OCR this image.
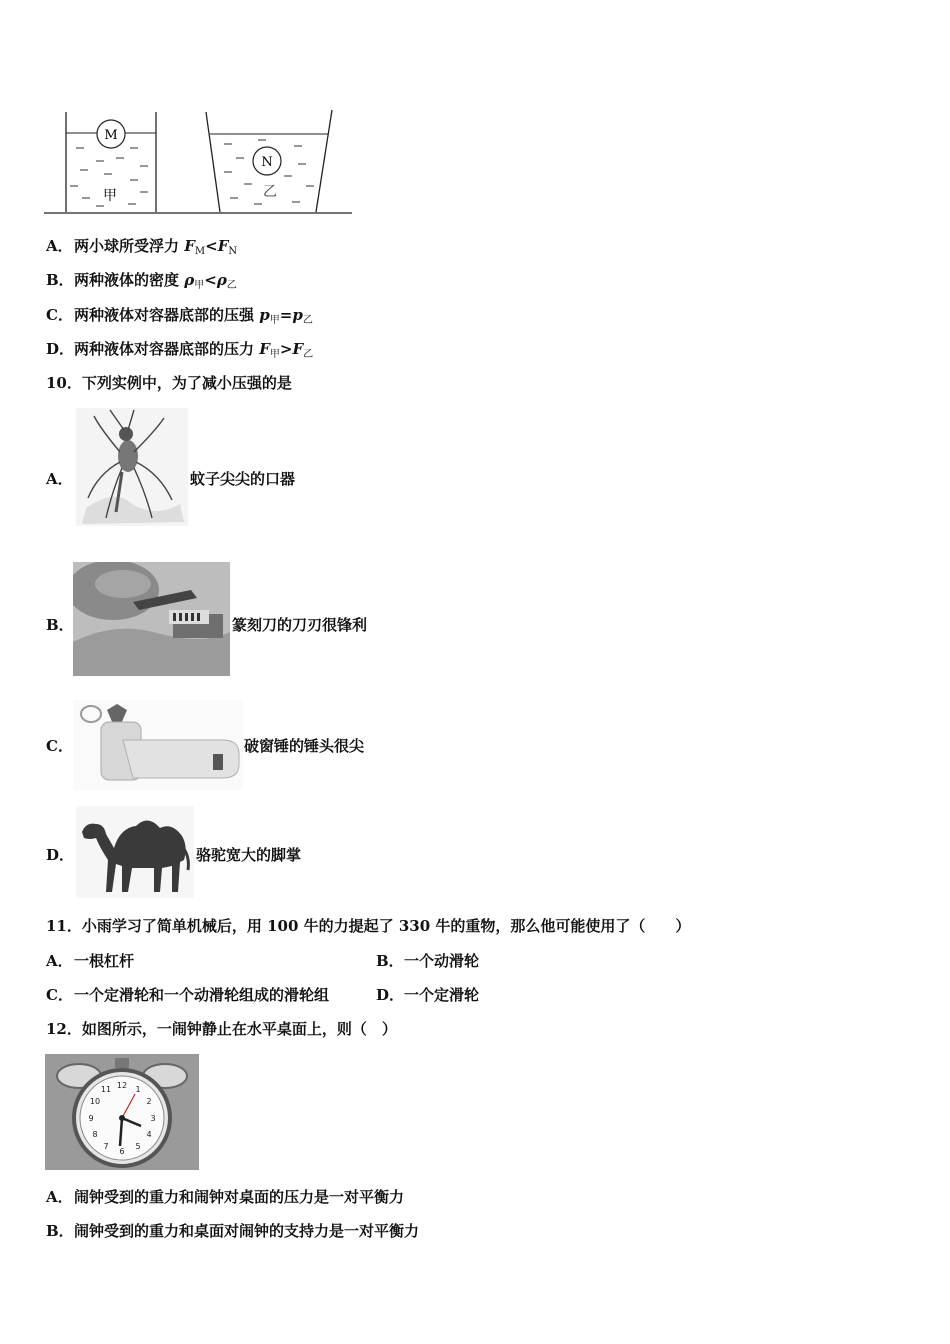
M
甲
N
乙
A．两小球所受浮力 $F_M<F_N$
B．两种液体的密度 $\rho_甲<\rho_乙$
C．两种液体对容器底部的压强 $p_甲=p_乙$
D．两种液体对容器底部的压力 $F_甲>F_乙$
10．下列实例中，为了减小压强的是
A．	蚊子尖尖的口器
B．	篆刻刀的刀刃很锋利
C．	破窗锤的锤头很尖
D．	骆驼宽大的脚掌
11．小雨学习了简单机械后，用 100 牛的力提起了 330 牛的重物，那么他可能使用了（　　）
A．一根杠杆	B．一个动滑轮
C．一个定滑轮和一个动滑轮组成的滑轮组	D．一个定滑轮
12．如图所示，一闹钟静止在水平桌面上，则（　）
12 1
2
3
4
5
6
7
8
9
10
11
A．闹钟受到的重力和闹钟对桌面的压力是一对平衡力
B．闹钟受到的重力和桌面对闹钟的支持力是一对平衡力
